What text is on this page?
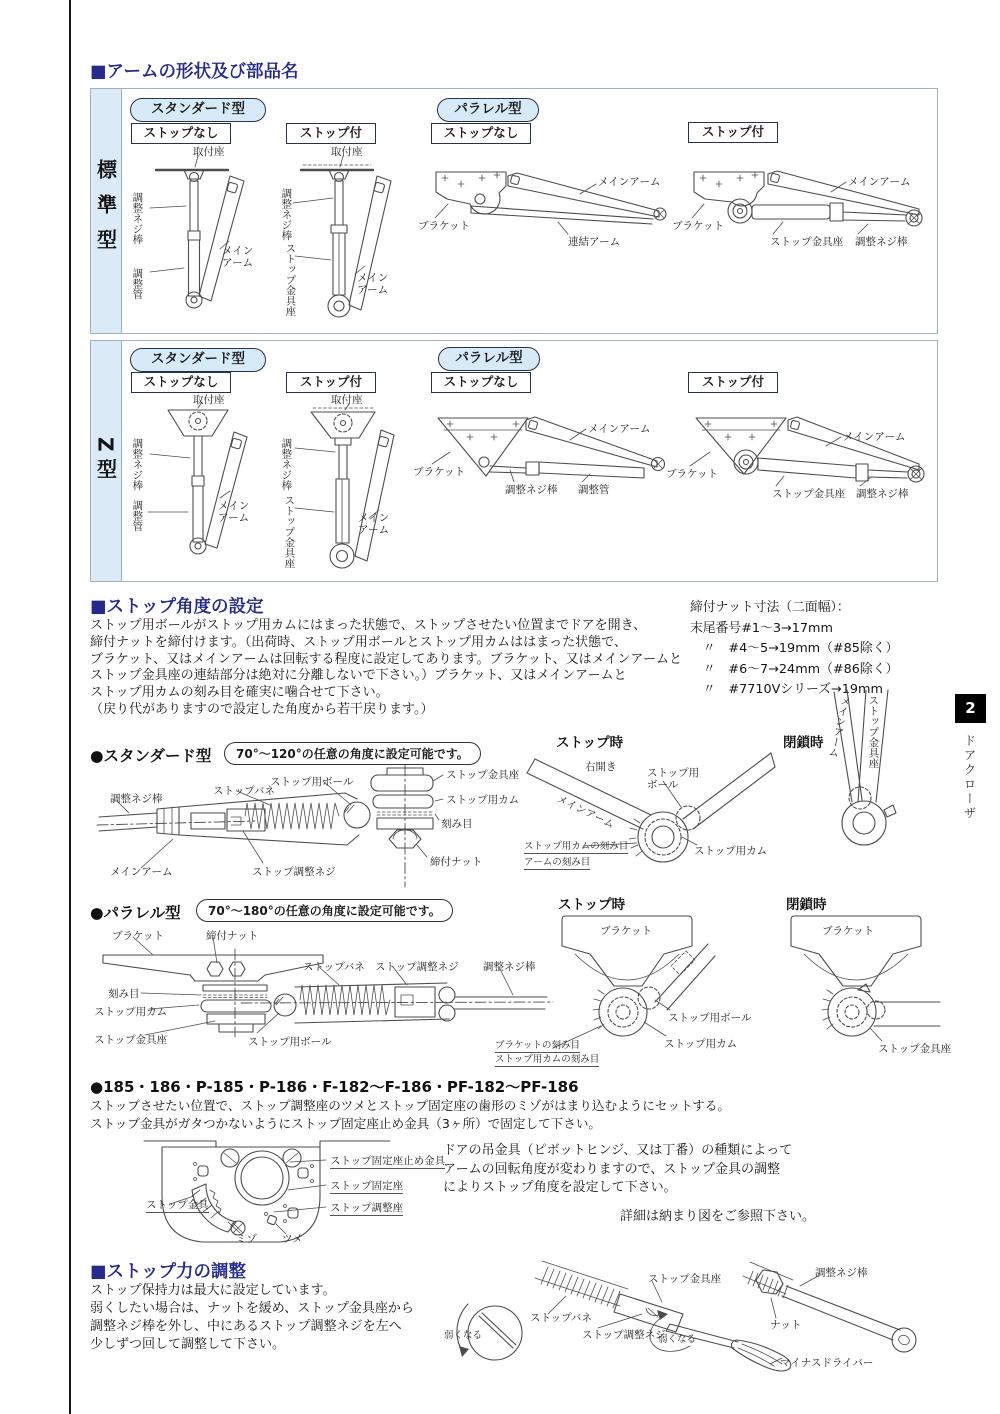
■アームの形状及び部品名
標準型
スタンダード型	パラレル型
ストップなし	ストップ付	ストップなし	ストップ付
取付座
調整ネジ棒
調整管
メインアーム
取付座
調整ネジ棒
ストップ金具座	メインアーム
ブラケット
メインアーム
連結アーム
ブラケット
メインアーム
ストップ金具座 調整ネジ棒
Z型
スタンダード型	パラレル型
ストップなし	ストップ付	ストップなし	ストップ付
取付座
調整ネジ棒
調整管	メインアーム
取付座
調整ネジ棒
ストップ金具座	メインアーム
ブラケット
メインアーム
調整ネジ棒 調整管
ブラケット
メインアーム
ストップ金具座 調整ネジ棒
■ストップ角度の設定
ストップ用ボールがストップ用カムにはまった状態で、ストップさせたい位置までドアを開き、
締付ナットを締付けます。（出荷時、ストップ用ボールとストップ用カムははまった状態で、
ブラケット、又はメインアームは回転する程度に設定してあります。ブラケット、又はメインアームと
ストップ金具座の連結部分は絶対に分離しないで下さい。）ブラケット、又はメインアームと
ストップ用カムの刻み目を確実に噛合せて下さい。
（戻り代がありますので設定した角度から若干戻ります。）
締付ナット寸法（二面幅）：
末尾番号#1〜3→17mm
　〃　#4〜5→19mm（#85除く）
　〃　#6〜7→24mm（#86除く）
　〃　#7710Vシリーズ→19mm
●スタンダード型	70°〜120°の任意の角度に設定可能です。
調整ネジ棒
ストップバネ
ストップ用ボール
ストップ金具座
ストップ用カム
刻み目
締付ナット
メインアーム	ストップ調整ネジ
ストップ時
右開き	ストップ用ボール
メインアーム
ストップ用カムの刻み目
アームの刻み目
ストップ用カム
閉鎖時 メインアーム ストップ金具座
●パラレル型	70°〜180°の任意の角度に設定可能です。
ブラケット	締付ナット
ストップバネ ストップ調整ネジ 調整ネジ棒
刻み目
ストップ用カム
ストップ金具座	ストップ用ボール
ストップ時
ブラケット
ストップ用ボール
ストップ用カム
ブラケットの刻み目
ストップ用カムの刻み目
閉鎖時
ブラケット
ストップ金具座
●185・186・P-185・P-186・F-182〜F-186・PF-182〜PF-186
ストップさせたい位置で、ストップ調整座のツメとストップ固定座の歯形のミゾがはまり込むようにセットする。
ストップ金具がガタつかないようにストップ固定座止め金具（3ヶ所）で固定して下さい。
ストップ固定座止め金具
ストップ固定座
ストップ調整座
ストップ金具
ミゾ ツメ
ドアの吊金具（ピボットヒンジ、又は丁番）の種類によって
アームの回転角度が変わりますので、ストップ金具の調整
によりストップ角度を設定して下さい。
詳細は納まり図をご参照下さい。
■ストップ力の調整
ストップ保持力は最大に設定しています。
弱くしたい場合は、ナットを緩め、ストップ金具座から
調整ネジ棒を外し、中にあるストップ調整ネジを左へ
少しずつ回して調整して下さい。
弱くなる
ストップ金具座
ストップバネ
ストップ調整ネジ
弱くなる
マイナスドライバー
ナット
調整ネジ棒
2
ドアクローザ
